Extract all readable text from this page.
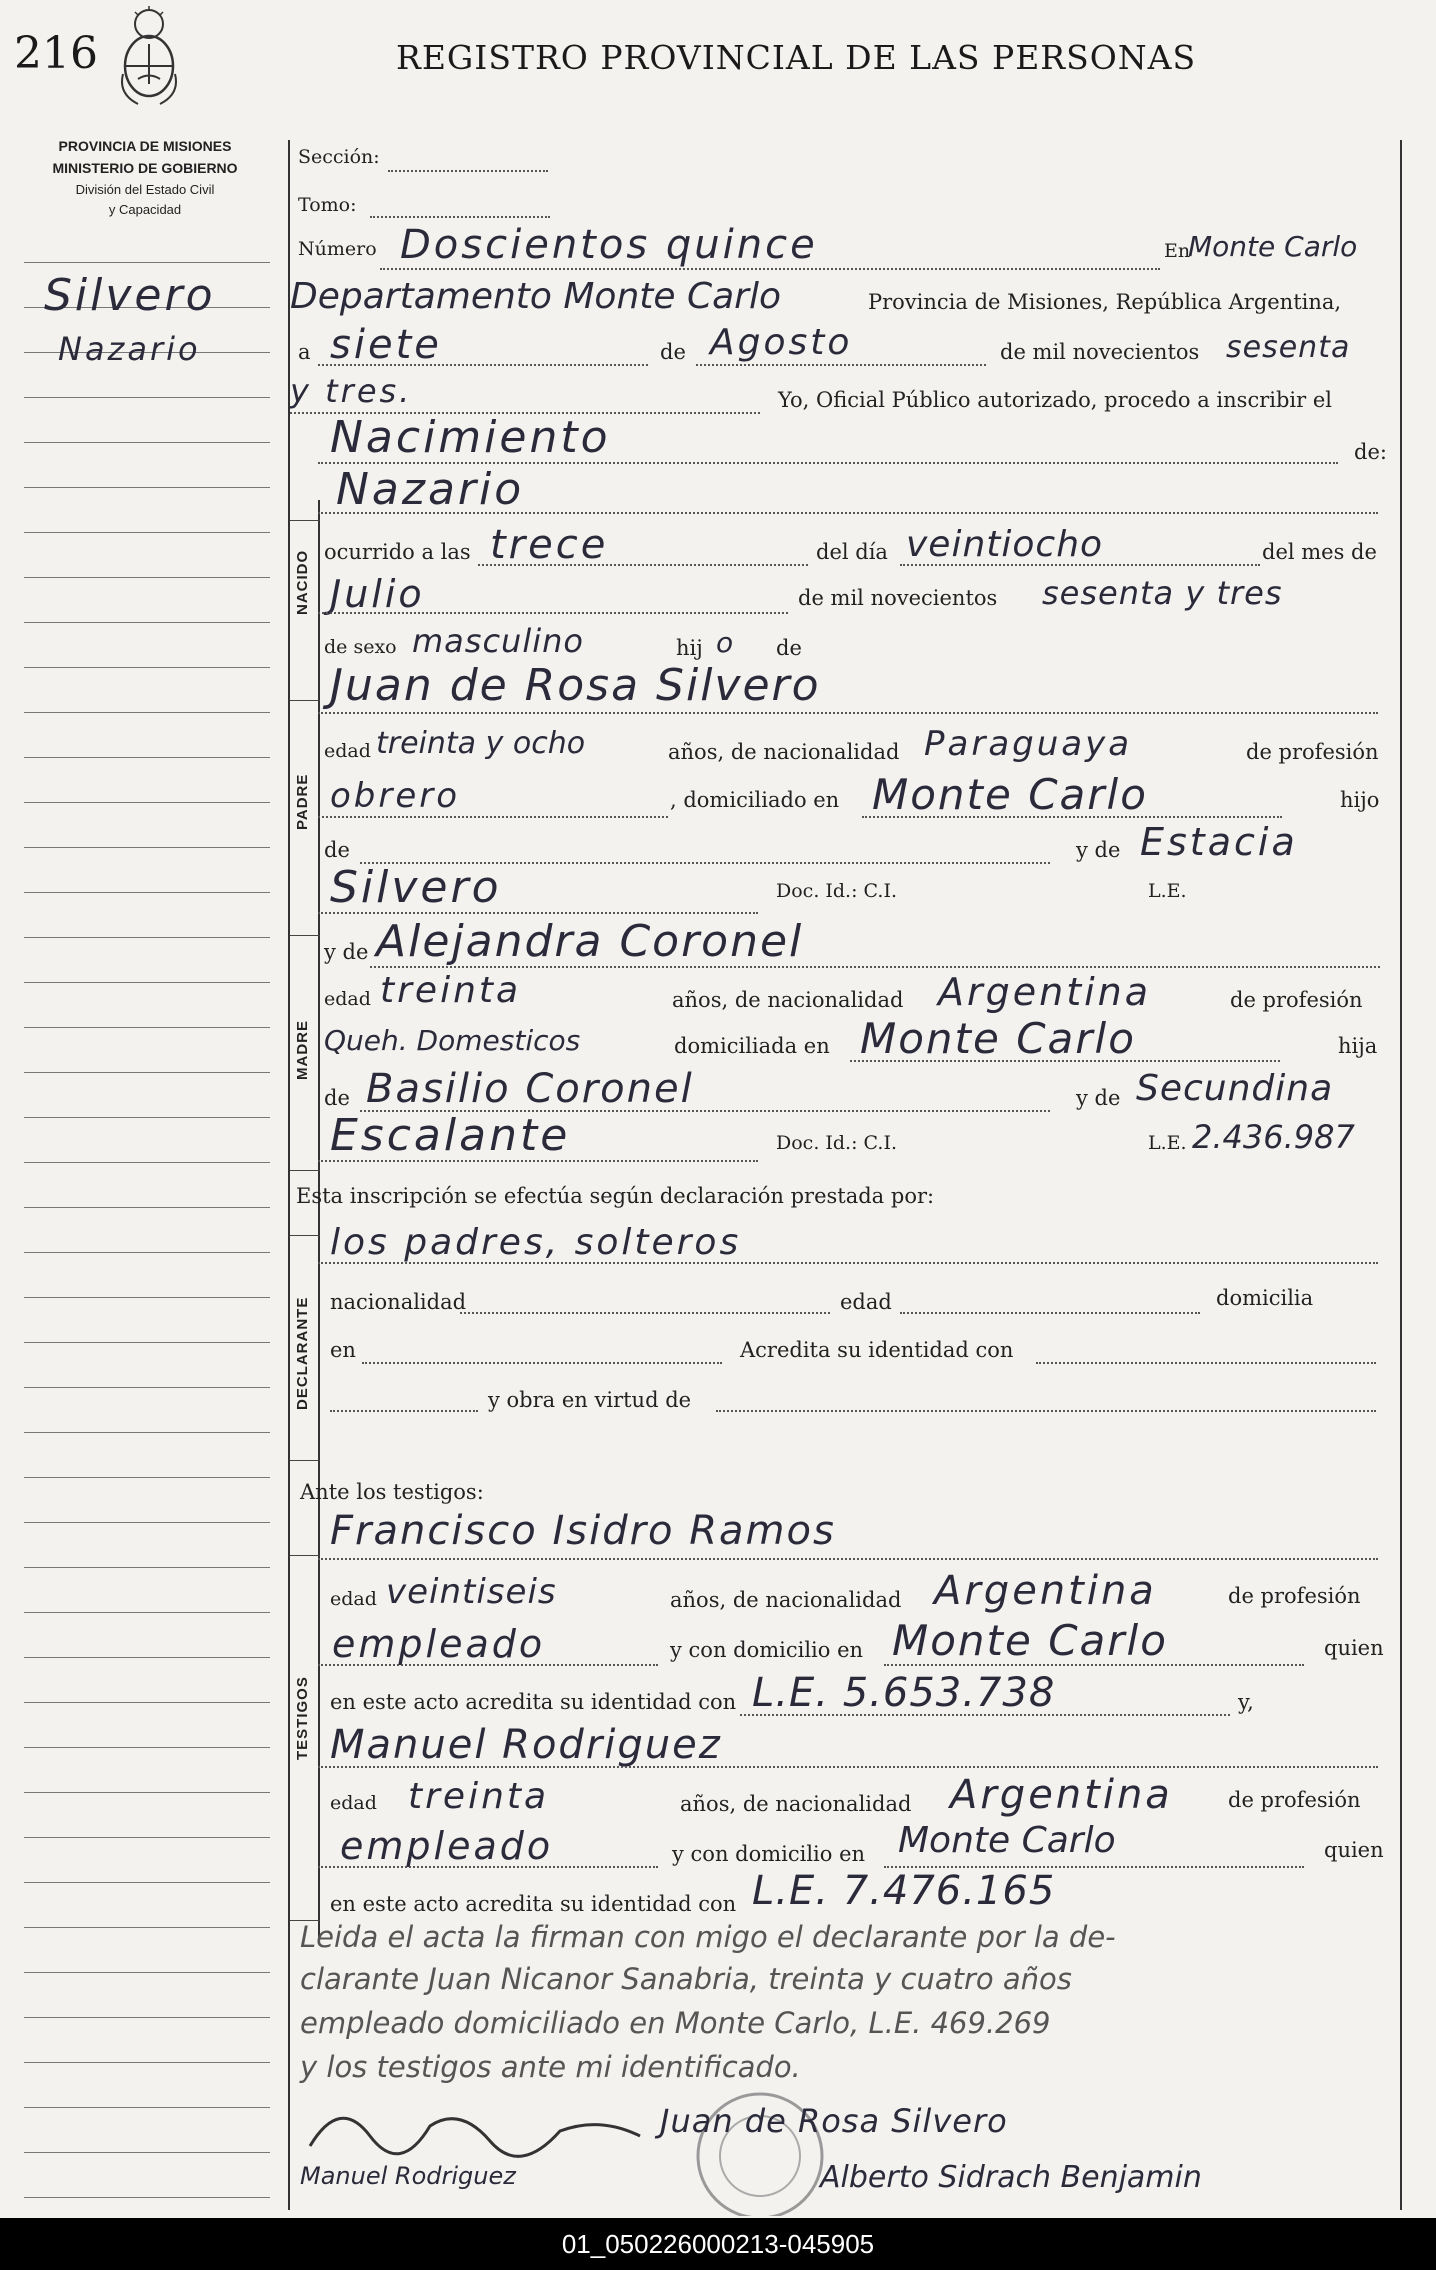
216	REGISTRO PROVINCIAL DE LAS PERSONAS
PROVINCIA DE MISIONES
MINISTERIO DE GOBIERNO
División del Estado Civil
y Capacidad
Silvero
Nazario
NACIDO
PADRE
MADRE
DECLARANTE
TESTIGOS
Sección:
Tomo:
Número Doscientos quince	En
Monte Carlo
Departamento Monte Carlo	Provincia de Misiones, República Argentina,
a siete	de Agosto	de mil novecientos sesenta
y tres.	Yo, Oficial Público autorizado, procedo a inscribir el
Nacimiento	de:
Nazario
ocurrido a las trece	del día veintiocho	del mes de
Julio	de mil novecientos sesenta y tres
de sexo masculino	hij o de
Juan de Rosa Silvero
edad treinta y ocho	años, de nacionalidad Paraguaya	de profesión
obrero	, domiciliado en Monte Carlo	hijo
de	y de Estacia
Silvero	Doc. Id.: C.I.	L.E.
y de Alejandra Coronel
edad treinta	años, de nacionalidad Argentina	de profesión
Queh. Domesticos	domiciliada en Monte Carlo	hija
de Basilio Coronel	y de Secundina
Escalante	Doc. Id.: C.I.	L.E. 2.436.987
Esta inscripción se efectúa según declaración prestada por:
los padres, solteros
nacionalidad	edad	domicilia
en	Acredita su identidad con
y obra en virtud de
Ante los testigos:
Francisco Isidro Ramos
edad veintiseis	años, de nacionalidad Argentina	de profesión
empleado	y con domicilio en Monte Carlo	quien
en este acto acredita su identidad con L.E. 5.653.738	y,
Manuel Rodriguez
edad treinta	años, de nacionalidad Argentina	de profesión
empleado	y con domicilio en Monte Carlo	quien
en este acto acredita su identidad con L.E. 7.476.165
Leida el acta la firman con migo el declarante por la de-
clarante Juan Nicanor Sanabria, treinta y cuatro años
empleado domiciliado en Monte Carlo, L.E. 469.269
y los testigos ante mi identificado.
Juan de Rosa Silvero
Manuel Rodriguez	Alberto Sidrach Benjamin
01_050226000213-045905
